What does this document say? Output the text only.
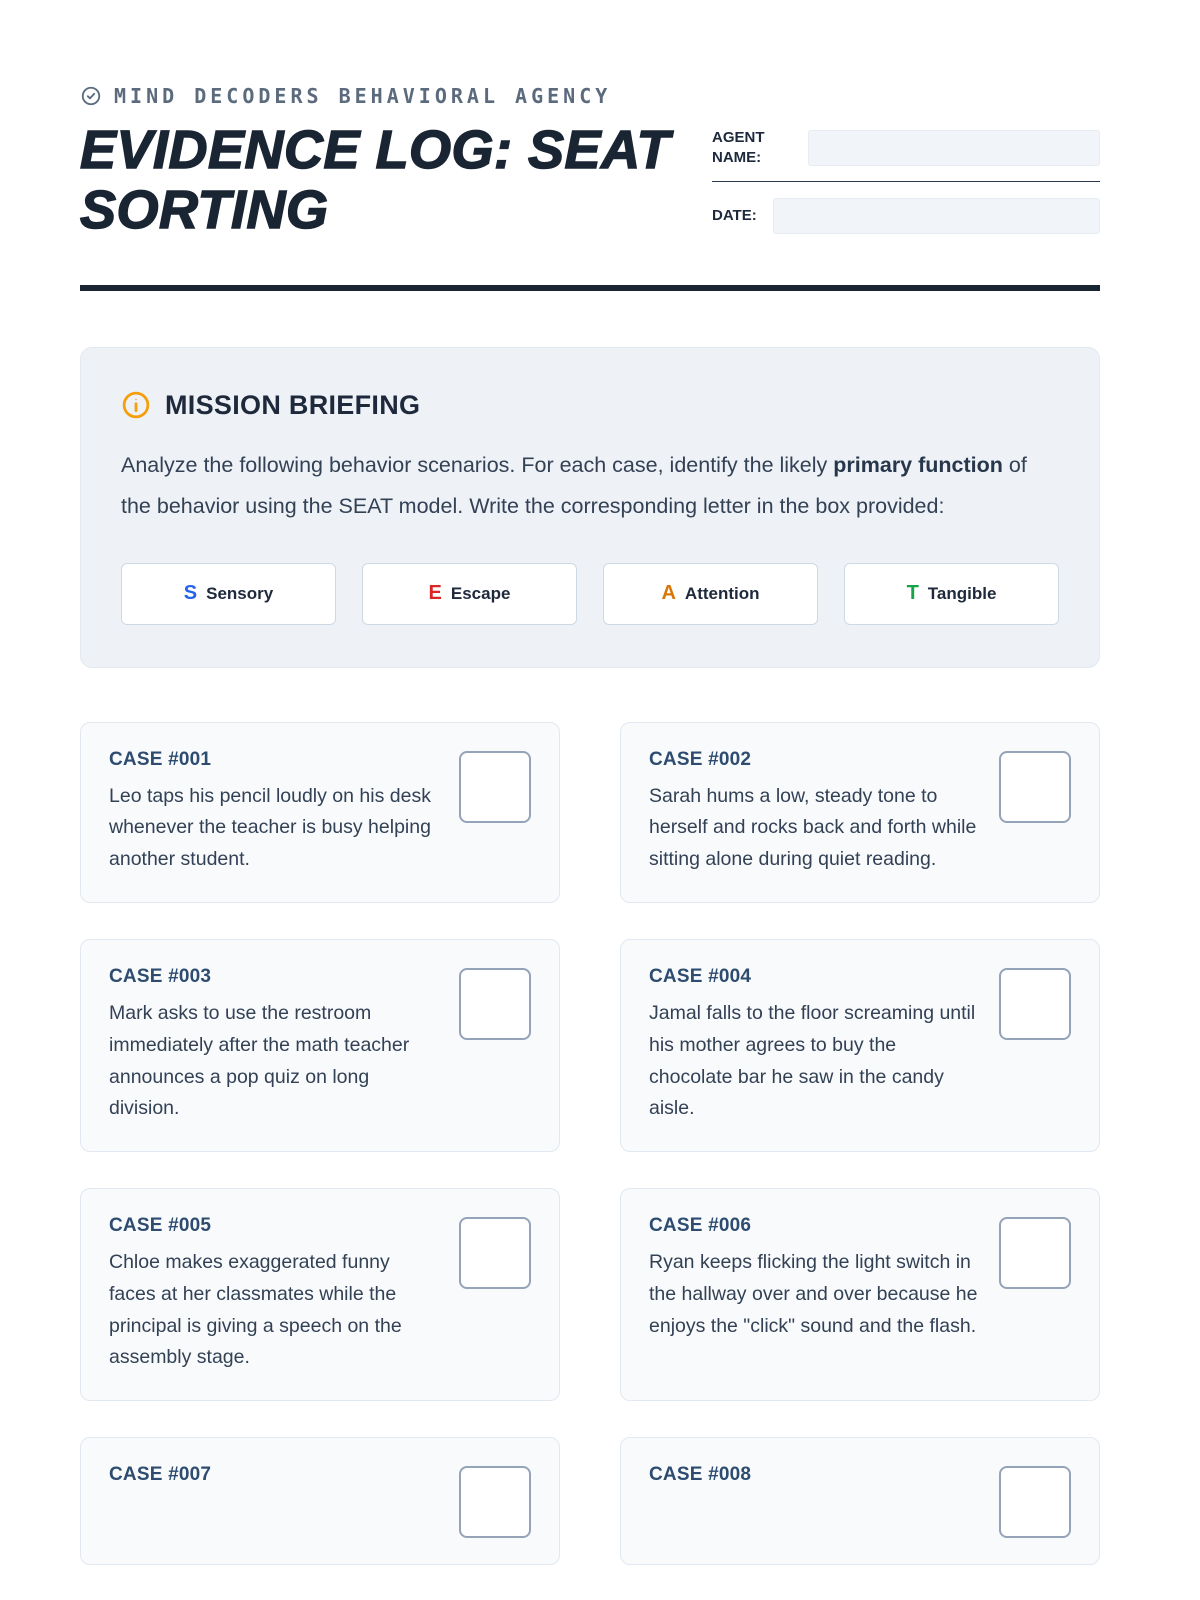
MIND DECODERS BEHAVIORAL AGENCY
EVIDENCE LOG: SEAT SORTING
AGENT NAME:
DATE:
MISSION BRIEFING

Analyze the following behavior scenarios. For each case, identify the likely primary function of the behavior using the SEAT model. Write the corresponding letter in the box provided:

S Sensory	E Escape	A Attention	T Tangible
CASE #001

Leo taps his pencil loudly on his desk whenever the teacher is busy helping another student.

CASE #002

Sarah hums a low, steady tone to herself and rocks back and forth while sitting alone during quiet reading.

CASE #003

Mark asks to use the restroom immediately after the math teacher announces a pop quiz on long division.

CASE #004

Jamal falls to the floor screaming until his mother agrees to buy the chocolate bar he saw in the candy aisle.

CASE #005

Chloe makes exaggerated funny faces at her classmates while the principal is giving a speech on the assembly stage.

CASE #006

Ryan keeps flicking the light switch in the hallway over and over because he enjoys the "click" sound and the flash.

CASE #007	CASE #008
